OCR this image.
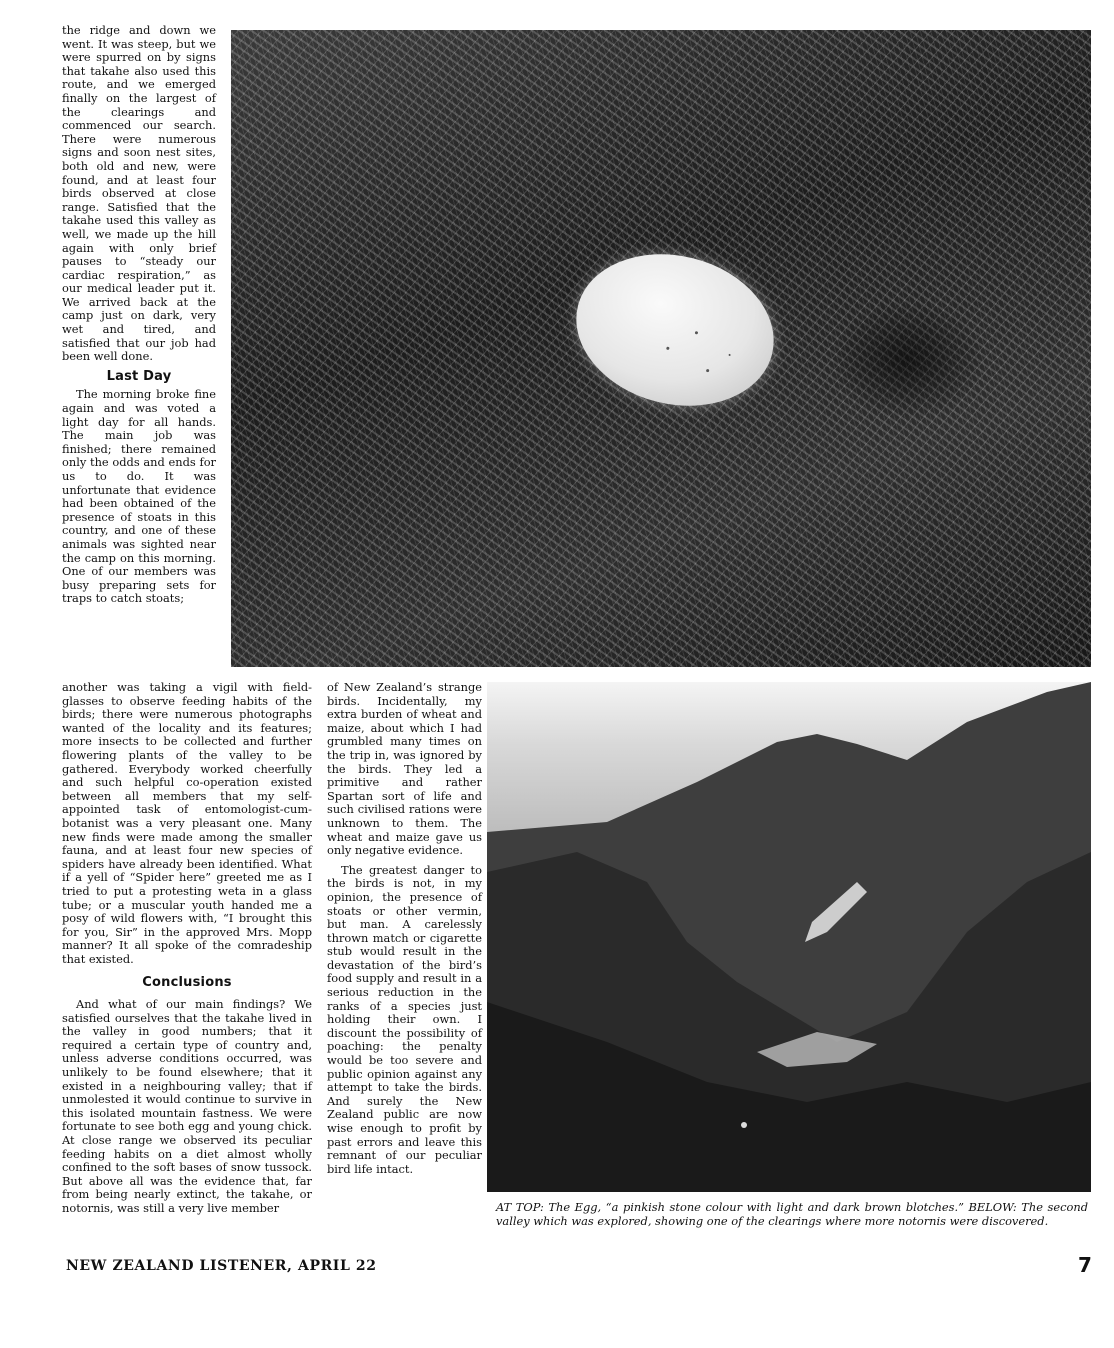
the ridge and down we went. It was steep, but we were spurred on by signs that takahe also used this route, and we emerged finally on the largest of the clearings and commenced our search. There were numerous signs and soon nest sites, both old and new, were found, and at least four birds observed at close range. Satisfied that the takahe used this valley as well, we made up the hill again with only brief pauses to “steady our cardiac respiration,” as our medical leader put it. We arrived back at the camp just on dark, very wet and tired, and satisfied that our job had been well done.

Last Day

The morning broke fine again and was voted a light day for all hands. The main job was finished; there remained only the odds and ends for us to do. It was unfortunate that evidence had been obtained of the presence of stoats in this country, and one of these animals was sighted near the camp on this morning. One of our members was busy preparing sets for traps to catch stoats;

another was taking a vigil with field-glasses to observe feeding habits of the birds; there were numerous photographs wanted of the locality and its features; more insects to be collected and further flowering plants of the valley to be gathered. Everybody worked cheerfully and such helpful co-operation existed between all members that my self-appointed task of entomologist-cum-botanist was a very pleasant one. Many new finds were made among the smaller fauna, and at least four new species of spiders have already been identified. What if a yell of “Spider here” greeted me as I tried to put a protesting weta in a glass tube; or a muscular youth handed me a posy of wild flowers with, “I brought this for you, Sir” in the approved Mrs. Mopp manner? It all spoke of the comradeship that existed.

Conclusions

And what of our main findings? We satisfied ourselves that the takahe lived in the valley in good numbers; that it required a certain type of country and, unless adverse conditions occurred, was unlikely to be found elsewhere; that it existed in a neighbouring valley; that if unmolested it would continue to survive in this isolated mountain fastness. We were fortunate to see both egg and young chick. At close range we observed its peculiar feeding habits on a diet almost wholly confined to the soft bases of snow tussock. But above all was the evidence that, far from being nearly extinct, the takahe, or notornis, was still a very live member

of New Zealand’s strange birds. Incidentally, my extra burden of wheat and maize, about which I had grumbled many times on the trip in, was ignored by the birds. They led a primitive and rather Spartan sort of life and such civilised rations were unknown to them. The wheat and maize gave us only negative evidence.

The greatest danger to the birds is not, in my opinion, the presence of stoats or other vermin, but man. A carelessly thrown match or cigarette stub would result in the devastation of the bird’s food supply and result in a serious reduction in the ranks of a species just holding their own. I discount the possibility of poaching: the penalty would be too severe and public opinion against any attempt to take the birds. And surely the New Zealand public are now wise enough to profit by past errors and leave this remnant of our peculiar bird life intact.

AT TOP: The Egg, “a pinkish stone colour with light and dark brown blotches.” BELOW: The second valley which was explored, showing one of the clearings where more notornis were discovered.
NEW ZEALAND LISTENER, APRIL 22	7
